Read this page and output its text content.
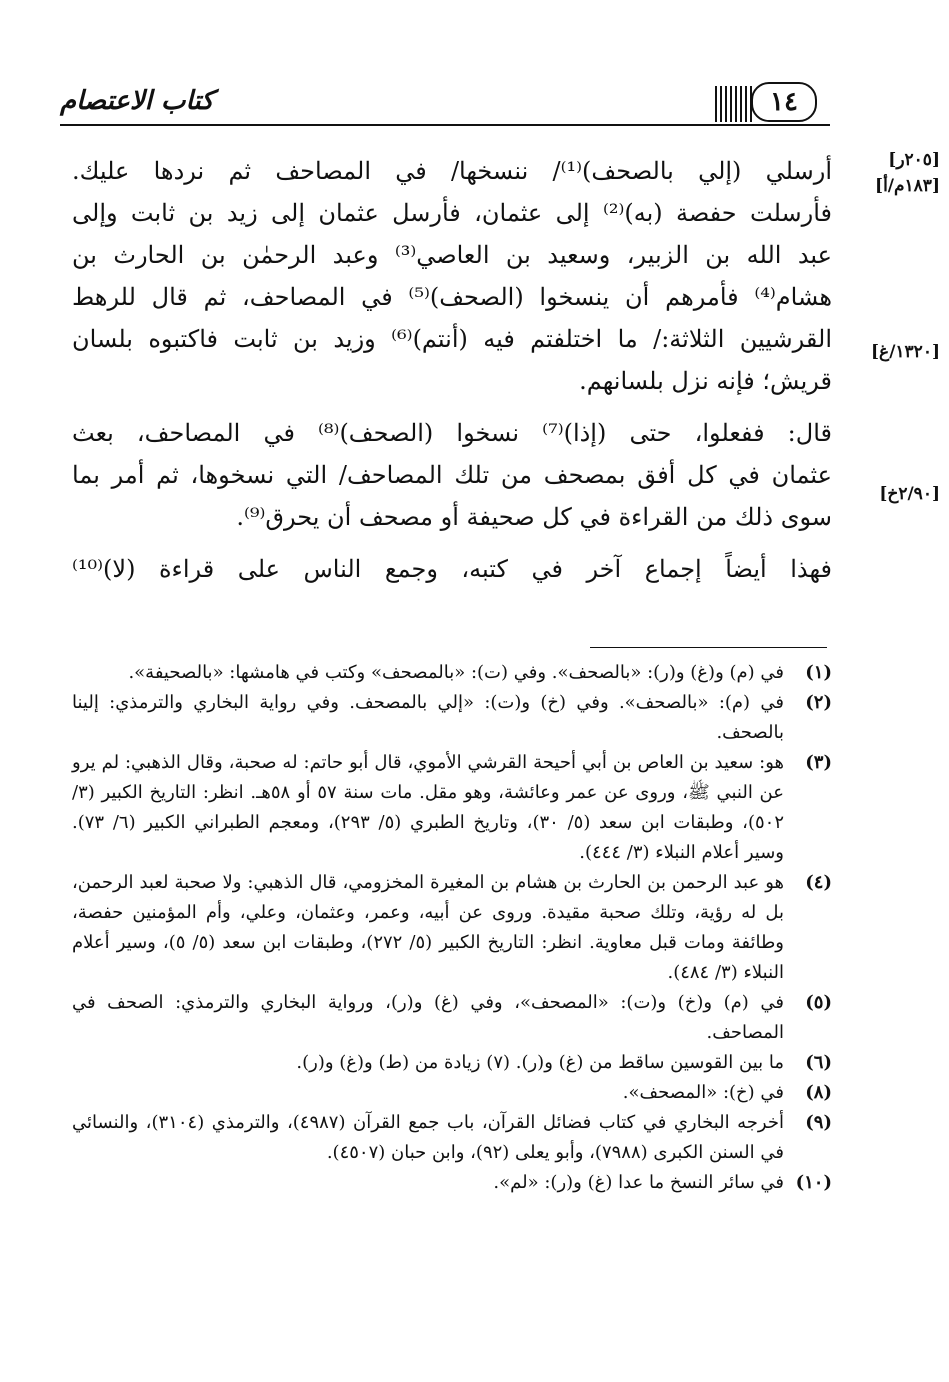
كتاب الاعتصام	١٤
[٢٠٥ر]
[١٨٣م/أ]
[١٣٢٠/غ]
[٢/٩٠خ]
أرسلي (إلي بالصحف)⁽¹⁾/ ننسخها/ في المصاحف ثم نردها عليك.
فأرسلت حفصة (به)⁽²⁾ إلى عثمان، فأرسل عثمان إلى زيد بن ثابت وإلى
عبد الله بن الزبير، وسعيد بن العاصي⁽³⁾ وعبد الرحمٰن بن الحارث بن
هشام⁽⁴⁾ فأمرهم أن ينسخوا (الصحف)⁽⁵⁾ في المصاحف، ثم قال للرهط
القرشيين الثلاثة:/ ما اختلفتم فيه (أنتم)⁽⁶⁾ وزيد بن ثابت فاكتبوه بلسان
قريش؛ فإنه نزل بلسانهم.
قال: ففعلوا، حتى (إذا)⁽⁷⁾ نسخوا (الصحف)⁽⁸⁾ في المصاحف، بعث
عثمان في كل أفق بمصحف من تلك المصاحف/ التي نسخوها، ثم أمر بما
سوى ذلك من القراءة في كل صحيفة أو مصحف أن يحرق⁽⁹⁾.
فهذا أيضاً إجماع آخر في كتبه، وجمع الناس على قراءة (لا)⁽¹⁰⁾
(١)
في (م) و(غ) و(ر): «بالصحف». وفي (ت): «بالمصحف» وكتب في هامشها: «بالصحيفة».
(٢)
في (م): «بالصحف». وفي (خ) و(ت): «إلي بالمصحف. وفي رواية البخاري والترمذي: إلينا بالصحف.
(٣)
هو: سعيد بن العاص بن أبي أحيحة القرشي الأموي، قال أبو حاتم: له صحبة، وقال الذهبي: لم يرو عن النبي ﷺ، وروى عن عمر وعائشة، وهو مقل. مات سنة ٥٧ أو ٥٨هـ. انظر: التاريخ الكبير (٣/ ٥٠٢)، وطبقات ابن سعد (٥/ ٣٠)، وتاريخ الطبري (٥/ ٢٩٣)، ومعجم الطبراني الكبير (٦/ ٧٣). وسير أعلام النبلاء (٣/ ٤٤٤).
(٤)
هو عبد الرحمن بن الحارث بن هشام بن المغيرة المخزومي، قال الذهبي: ولا صحبة لعبد الرحمن، بل له رؤية، وتلك صحبة مقيدة. وروى عن أبيه، وعمر، وعثمان، وعلي، وأم المؤمنين حفصة، وطائفة ومات قبل معاوية. انظر: التاريخ الكبير (٥/ ٢٧٢)، وطبقات ابن سعد (٥/ ٥)، وسير أعلام النبلاء (٣/ ٤٨٤).
(٥)
في (م) و(خ) و(ت): «المصحف»، وفي (غ) و(ر)، ورواية البخاري والترمذي: الصحف في المصاحف.
(٦)
ما بين القوسين ساقط من (غ) و(ر). (٧) زيادة من (ط) و(غ) و(ر).
(٨)
في (خ): «المصحف».
(٩)
أخرجه البخاري في كتاب فضائل القرآن، باب جمع القرآن (٤٩٨٧)، والترمذي (٣١٠٤)، والنسائي في السنن الكبرى (٧٩٨٨)، وأبو يعلى (٩٢)، وابن حبان (٤٥٠٧).
(١٠)
في سائر النسخ ما عدا (غ) و(ر): «لم».
